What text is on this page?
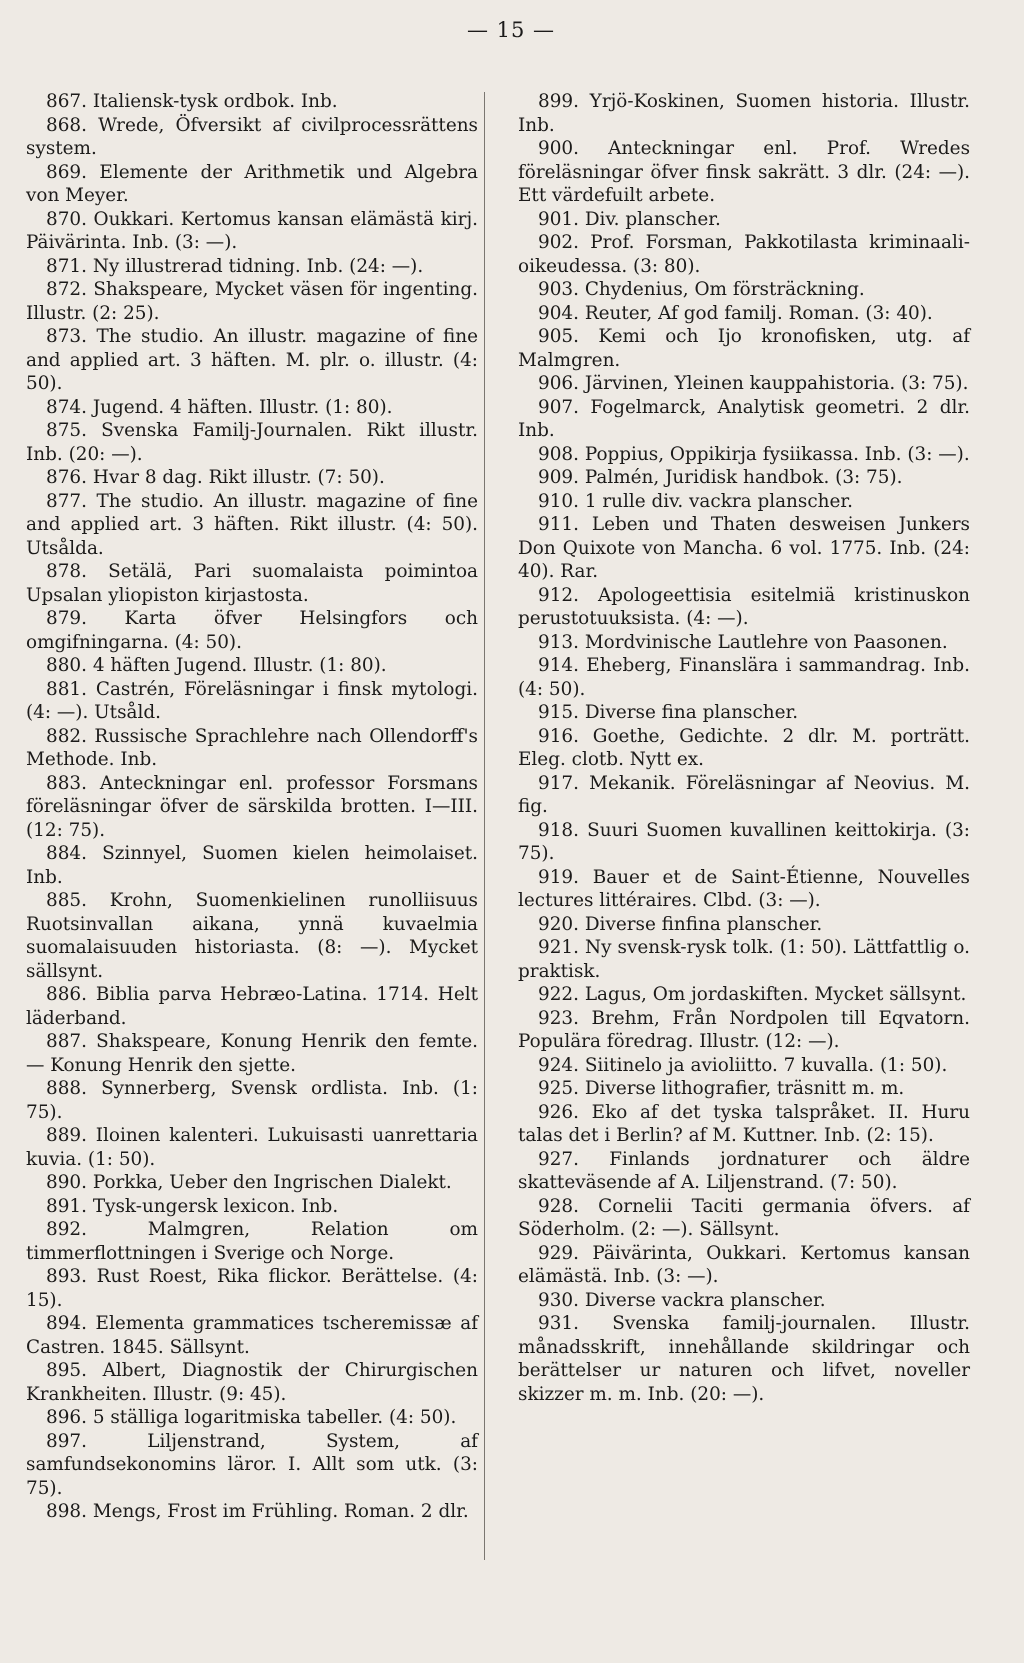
— 15 —
867 . Italiensk-tysk ordbok. Inb.
868 . Wrede, Öfversikt af civilprocessrättens system.
869 . Elemente der Arithmetik und Algebra von Meyer.
870 . Oukkari. Kertomus kansan elämästä kirj. Päivärinta. Inb. (3: —).
871 . Ny illustrerad tidning. Inb. (24: —).
872 . Shakspeare, Mycket väsen för ingenting. Illustr. (2: 25).
873 . The studio. An illustr. magazine of fine and applied art. 3 häften. M. plr. o. illustr. (4: 50).
874 . Jugend. 4 häften. Illustr. (1: 80).
875 . Svenska Familj-Journalen. Rikt illustr. Inb. (20: —).
876 . Hvar 8 dag. Rikt illustr. (7: 50).
877 . The studio. An illustr. magazine of fine and applied art. 3 häften. Rikt illustr. (4: 50). Utsålda.
878 . Setälä, Pari suomalaista poimintoa Upsalan yliopiston kirjastosta.
879 . Karta öfver Helsingfors och omgifningarna. (4: 50).
880 . 4 häften Jugend. Illustr. (1: 80).
881 . Castrén, Föreläsningar i finsk mytologi. (4: —). Utsåld.
882 . Russische Sprachlehre nach Ollendorff's Methode. Inb.
883 . Anteckningar enl. professor Forsmans föreläsningar öfver de särskilda brotten. I—III. (12: 75).
884 . Szinnyel, Suomen kielen heimolaiset. Inb.
885 . Krohn, Suomenkielinen runolliisuus Ruotsinvallan aikana, ynnä kuvaelmia suomalaisuuden historiasta. (8: —). Mycket sällsynt.
886 . Biblia parva Hebræo-Latina. 1714. Helt läderband.
887 . Shakspeare, Konung Henrik den femte. — Konung Henrik den sjette.
888 . Synnerberg, Svensk ordlista. Inb. (1: 75).
889 . Iloinen kalenteri. Lukuisasti uanrettaria kuvia. (1: 50).
890 . Porkka, Ueber den Ingrischen Dialekt.
891 . Tysk-ungersk lexicon. Inb.
892 .	Malmgren, Relation om timmerflottningen i Sverige och Norge.
893 . Rust Roest, Rika flickor. Berättelse. (4: 15).
894 . Elementa grammatices tscheremissæ af Castren. 1845. Sällsynt.
895 . Albert, Diagnostik der Chirurgischen Krankheiten. Illustr. (9: 45).
896 . 5 ställiga logaritmiska tabeller. (4: 50).
897 .	Liljenstrand, System, af samfundsekonomins läror. I. Allt som utk. (3: 75).
898 . Mengs, Frost im Frühling. Roman. 2 dlr.
899 . Yrjö-Koskinen, Suomen historia. Illustr. Inb.
900 . Anteckningar enl. Prof. Wredes föreläsningar öfver finsk sakrätt. 3 dlr. (24: —). Ett värdefuilt arbete.
901 . Div. planscher.
902 . Prof. Forsman, Pakkotilasta kriminaali-oikeudessa. (3: 80).
903 . Chydenius, Om försträckning.
904 . Reuter, Af god familj. Roman. (3: 40).
905 . Kemi och Ijo kronofisken, utg. af Malmgren.
906 . Järvinen, Yleinen kauppahistoria. (3: 75).
907 . Fogelmarck, Analytisk geometri. 2 dlr. Inb.
908 . Poppius, Oppikirja fysiikassa. Inb. (3: —).
909 . Palmén, Juridisk handbok. (3: 75).
910 . 1 rulle div. vackra planscher.
911 . Leben und Thaten desweisen Junkers Don Quixote von Mancha. 6 vol. 1775. Inb. (24: 40). Rar.
912 . Apologeettisia esitelmiä kristinuskon perustotuuksista. (4: —).
913 . Mordvinische Lautlehre von Paasonen.
914 . Eheberg, Finanslära i sammandrag. Inb. (4: 50).
915 . Diverse fina planscher.
916 . Goethe, Gedichte. 2 dlr. M. porträtt. Eleg. clotb. Nytt ex.
917 . Mekanik. Föreläsningar af Neovius. M. fig.
918 . Suuri Suomen kuvallinen keittokirja. (3: 75).
919 . Bauer et de Saint-Étienne, Nouvelles lectures littéraires. Clbd. (3: —).
920 . Diverse finfina planscher.
921 . Ny svensk-rysk tolk. (1: 50). Lättfattlig o. praktisk.
922 . Lagus, Om jordaskiften. Mycket sällsynt.
923 . Brehm, Från Nordpolen till Eqvatorn. Populära föredrag. Illustr. (12: —).
924 . Siitinelo ja avioliitto. 7 kuvalla. (1: 50).
925 . Diverse lithografier, träsnitt m. m.
926 . Eko af det tyska talspråket. II. Huru talas det i Berlin? af M. Kuttner. Inb. (2: 15).
927 . Finlands jordnaturer och äldre skatteväsende af A. Liljenstrand. (7: 50).
928 . Cornelii Taciti germania öfvers. af Söderholm. (2: —). Sällsynt.
929 . Päivärinta, Oukkari. Kertomus kansan elämästä. Inb. (3: —).
930 . Diverse vackra planscher.
931 . Svenska familj-journalen. Illustr. månadsskrift, innehållande skildringar och berättelser ur naturen och lifvet, noveller skizzer m. m. Inb. (20: —).
